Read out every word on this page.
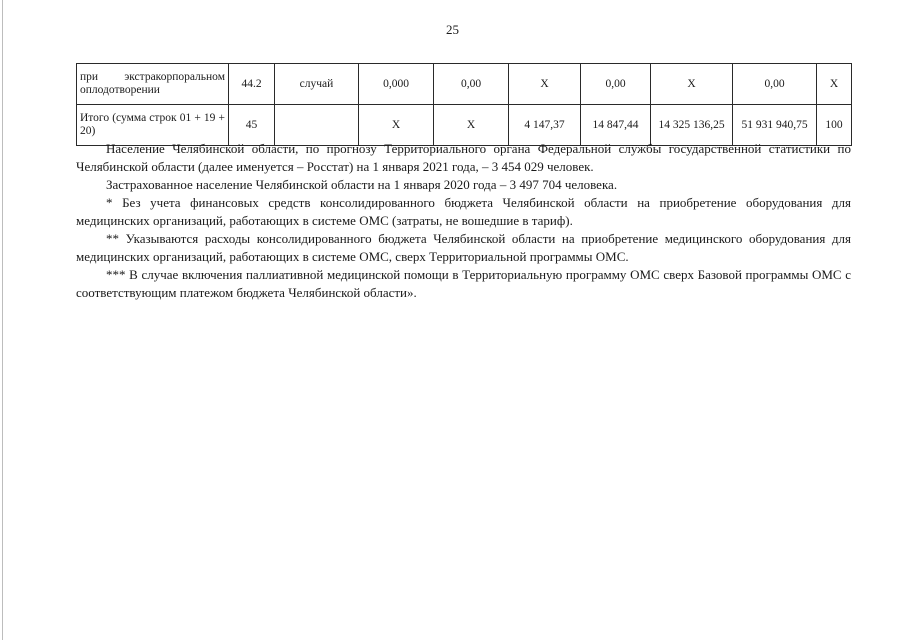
25
при экстракорпоральном оплодотворении	44.2	случай	0,000	0,00	Х	0,00	Х	0,00	Х
Итого (сумма строк 01 + 19 + 20)	45		Х	Х	4 147,37	14 847,44	14 325 136,25	51 931 940,75	100

Население Челябинской области, по прогнозу Территориального органа Федеральной службы государственной статистики по Челябинской области (далее именуется – Росстат) на 1 января 2021 года, – 3 454 029 человек.

Застрахованное население Челябинской области на 1 января 2020 года – 3 497 704 человека.

* Без учета финансовых средств консолидированного бюджета Челябинской области на приобретение оборудования для медицинских организаций, работающих в системе ОМС (затраты, не вошедшие в тариф).

** Указываются расходы консолидированного бюджета Челябинской области на приобретение медицинского оборудования для медицинских организаций, работающих в системе ОМС, сверх Территориальной программы ОМС.

*** В случае включения паллиативной медицинской помощи в Территориальную программу ОМС сверх Базовой программы ОМС с соответствующим платежом бюджета Челябинской области».
